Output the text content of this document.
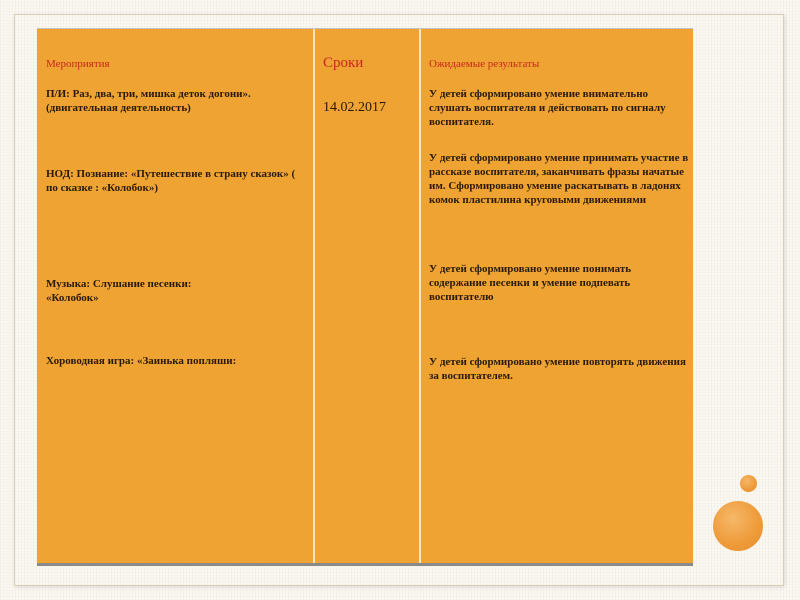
Мероприятия
П/И: Раз, два, три, мишка деток догони». (двигательная деятельность)
НОД: Познание: «Путешествие в страну сказок» ( по сказке : «Колобок»)
Музыка: Слушание песенки:
«Колобок»
Хороводная игра: «Заинька попляши:
Сроки
14.02.2017
Ожидаемые результаты
У детей сформировано умение внимательно слушать воспитателя и действовать по сигналу воспитателя.
У детей сформировано умение принимать участие в рассказе воспитателя, заканчивать фразы начатые им. Сформировано умение раскатывать в ладонях комок пластилина круговыми движениями
У детей сформировано умение понимать содержание песенки и умение подпевать воспитателю
У детей сформировано умение повторять движения за воспитателем.
